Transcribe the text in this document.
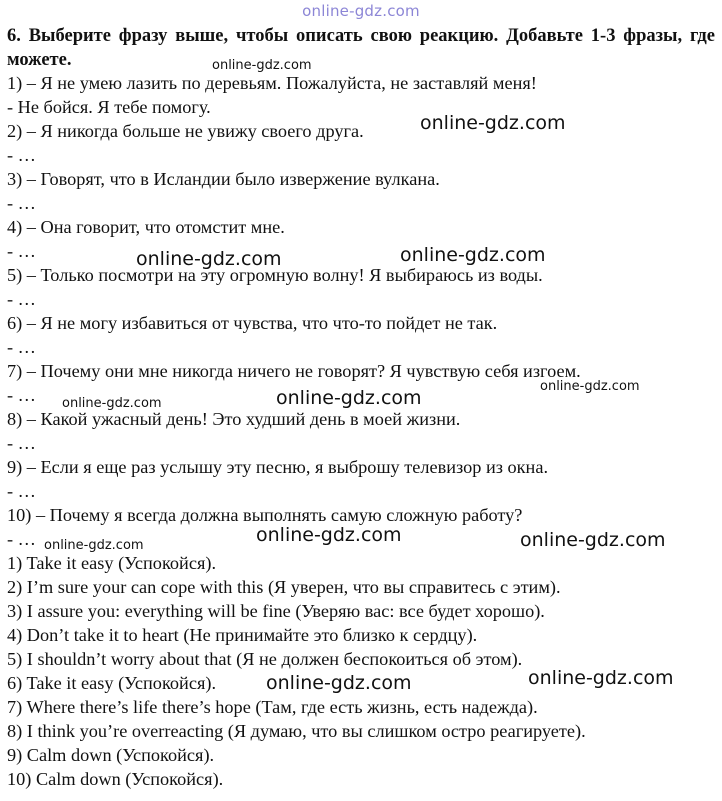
online-gdz.com
6. Выберите фразу выше, чтобы описать свою реакцию. Добавьте 1-3 фразы, где можете.
1) – Я не умею лазить по деревьям. Пожалуйста, не заставляй меня!
- Не бойся. Я тебе помогу.
2) – Я никогда больше не увижу своего друга.
- …
3) – Говорят, что в Исландии было извержение вулкана.
- …
4) – Она говорит, что отомстит мне.
- …
5) – Только посмотри на эту огромную волну! Я выбираюсь из воды.
- …
6) – Я не могу избавиться от чувства, что что-то пойдет не так.
- …
7) – Почему они мне никогда ничего не говорят? Я чувствую себя изгоем.
- …
8) – Какой ужасный день! Это худший день в моей жизни.
- …
9) – Если я еще раз услышу эту песню, я выброшу телевизор из окна.
- …
10) – Почему я всегда должна выполнять самую сложную работу?
- …
1) Take it easy (Успокойся).
2) I’m sure your can cope with this (Я уверен, что вы справитесь с этим).
3) I assure you: everything will be fine (Уверяю вас: все будет хорошо).
4) Don’t take it to heart (Не принимайте это близко к сердцу).
5) I shouldn’t worry about that (Я не должен беспокоиться об этом).
6) Take it easy (Успокойся).
7) Where there’s life there’s hope (Там, где есть жизнь, есть надежда).
8) I think you’re overreacting (Я думаю, что вы слишком остро реагируете).
9) Calm down (Успокойся).
10) Calm down (Успокойся).
online-gdz.com
online-gdz.com
online-gdz.com	online-gdz.com
online-gdz.com
online-gdz.com
online-gdz.com
online-gdz.com	online-gdz.com
online-gdz.com
online-gdz.com	online-gdz.com
